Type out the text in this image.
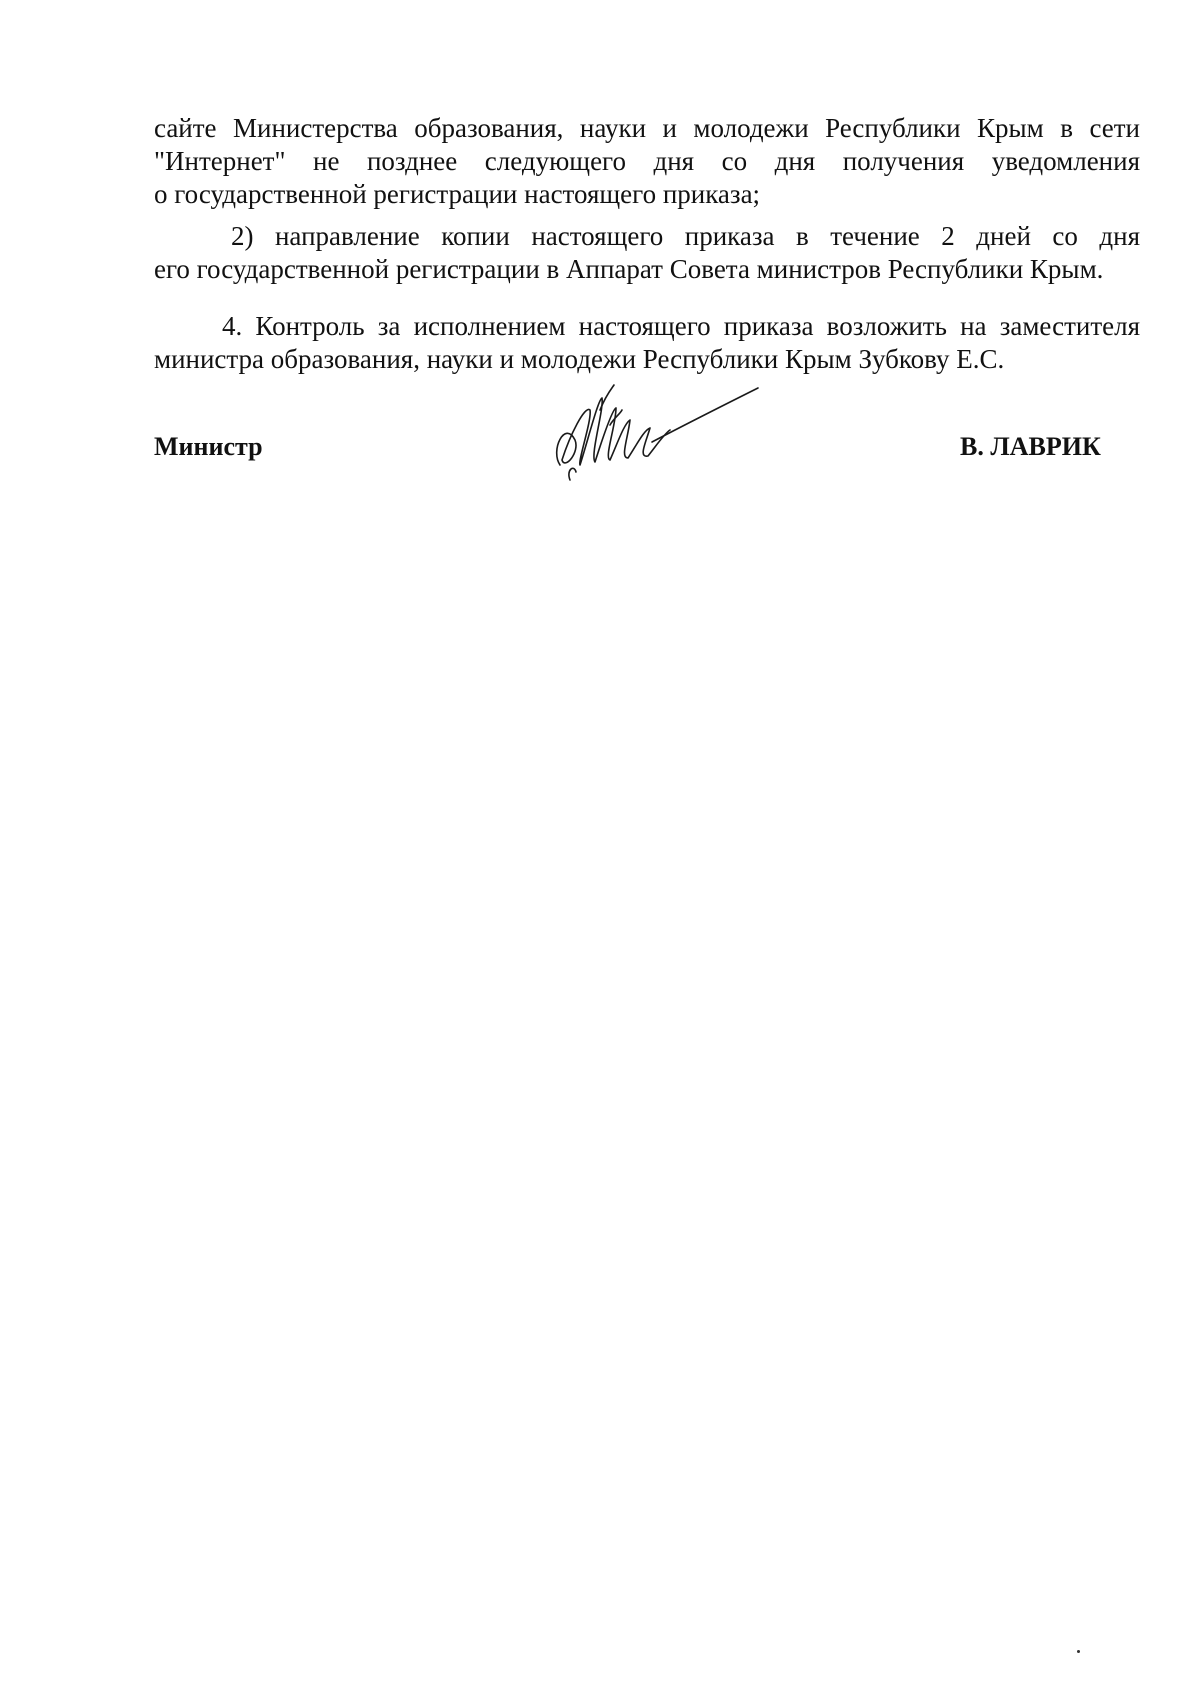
сайте Министерства образования, науки и молодежи Республики Крым в сети
"Интернет" не позднее следующего дня со дня получения уведомления
о государственной регистрации настоящего приказа;
2) направление копии настоящего приказа в течение 2 дней со дня
его государственной регистрации в Аппарат Совета министров Республики Крым.
4. Контроль за исполнением настоящего приказа возложить на заместителя
министра образования, науки и молодежи Республики Крым Зубкову Е.С.
Министр	В. ЛАВРИК
